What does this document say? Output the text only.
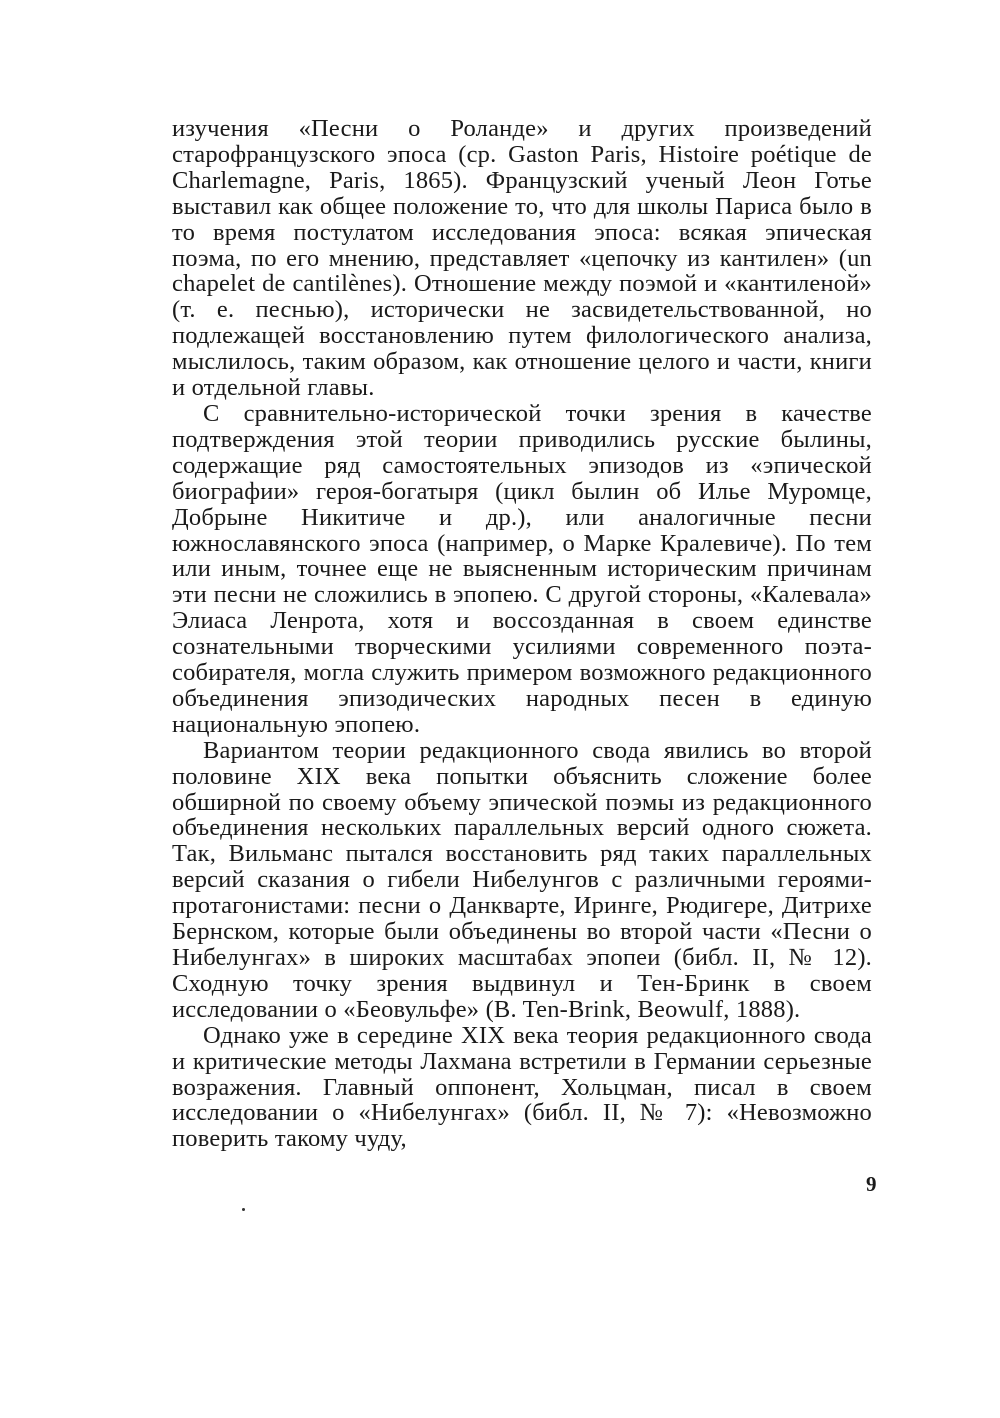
изучения «Песни о Роланде» и других произведений старофранцузского эпоса (ср. Gaston Paris, Histoire poétique de Charlemagne, Paris, 1865). Французский ученый Леон Готье выставил как общее положение то, что для школы Париса было в то время постулатом исследования эпоса: всякая эпическая поэма, по его мнению, представляет «цепочку из кантилен» (un chapelet de cantilènes). Отношение между поэмой и «кантиленой» (т. е. песнью), исторически не засвидетельствованной, но подлежащей восстановлению путем филологического анализа, мыслилось, таким образом, как отношение целого и части, книги и отдельной главы.

С сравнительно-исторической точки зрения в качестве подтверждения этой теории приводились русские былины, содержащие ряд самостоятельных эпизодов из «эпической биографии» героя-богатыря (цикл былин об Илье Муромце, Добрыне Никитиче и др.), или аналогичные песни южнославянского эпоса (например, о Марке Кралевиче). По тем или иным, точнее еще не выясненным историческим причинам эти песни не сложились в эпопею. С другой стороны, «Калевала» Элиаса Ленрота, хотя и воссозданная в своем единстве сознательными творческими усилиями современного поэта-собирателя, могла служить примером возможного редакционного объединения эпизодических народных песен в единую национальную эпопею.

Вариантом теории редакционного свода явились во второй половине XIX века попытки объяснить сложение более обширной по своему объему эпической поэмы из редакционного объединения нескольких параллельных версий одного сюжета. Так, Вильманс пытался восстановить ряд таких параллельных версий сказания о гибели Нибелунгов с различными героями-протагонистами: песни о Данкварте, Иринге, Рюдигере, Дитрихе Бернском, которые были объединены во второй части «Песни о Нибелунгах» в широких масштабах эпопеи (библ. II, № 12). Сходную точку зрения выдвинул и Тен-Бринк в своем исследовании о «Беовульфе» (B. Ten-Brink, Beowulf, 1888).

Однако уже в середине XIX века теория редакционного свода и критические методы Лахмана встретили в Германии серьезные возражения. Главный оппонент, Хольцман, писал в своем исследовании о «Нибелунгах» (библ. II, № 7): «Невозможно поверить такому чуду,

9
